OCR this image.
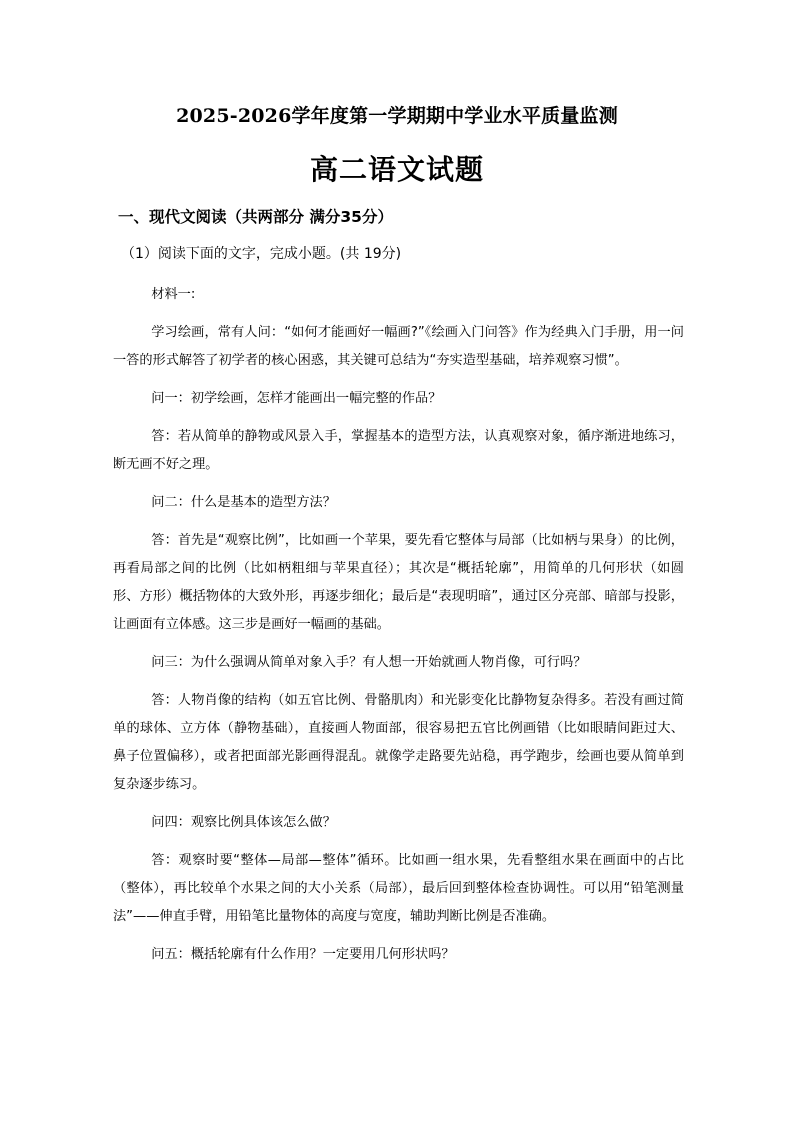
2025-2026学年度第一学期期中学业水平质量监测
高二语文试题
一、现代文阅读（共两部分 满分35分）
（1）阅读下面的文字，完成小题。(共 19分)

材料一:

学习绘画，常有人问：“如何才能画好一幅画?”《绘画入门问答》作为经典入门手册，用一问一答的形式解答了初学者的核心困惑，其关键可总结为“夯实造型基础，培养观察习惯”。

问一：初学绘画，怎样才能画出一幅完整的作品？

答：若从简单的静物或风景入手，掌握基本的造型方法，认真观察对象，循序渐进地练习，断无画不好之理。

问二：什么是基本的造型方法？

答：首先是“观察比例”，比如画一个苹果，要先看它整体与局部（比如柄与果身）的比例，再看局部之间的比例（比如柄粗细与苹果直径）；其次是“概括轮廓”，用简单的几何形状（如圆形、方形）概括物体的大致外形，再逐步细化；最后是“表现明暗”，通过区分亮部、暗部与投影，让画面有立体感。这三步是画好一幅画的基础。

问三：为什么强调从简单对象入手？有人想一开始就画人物肖像，可行吗？

答：人物肖像的结构（如五官比例、骨骼肌肉）和光影变化比静物复杂得多。若没有画过简单的球体、立方体（静物基础），直接画人物面部，很容易把五官比例画错（比如眼睛间距过大、鼻子位置偏移），或者把面部光影画得混乱。就像学走路要先站稳，再学跑步，绘画也要从简单到复杂逐步练习。

问四：观察比例具体该怎么做？

答：观察时要“整体—局部—整体”循环。比如画一组水果，先看整组水果在画面中的占比（整体），再比较单个水果之间的大小关系（局部），最后回到整体检查协调性。可以用“铅笔测量法”——伸直手臂，用铅笔比量物体的高度与宽度，辅助判断比例是否准确。

问五：概括轮廓有什么作用？一定要用几何形状吗？
